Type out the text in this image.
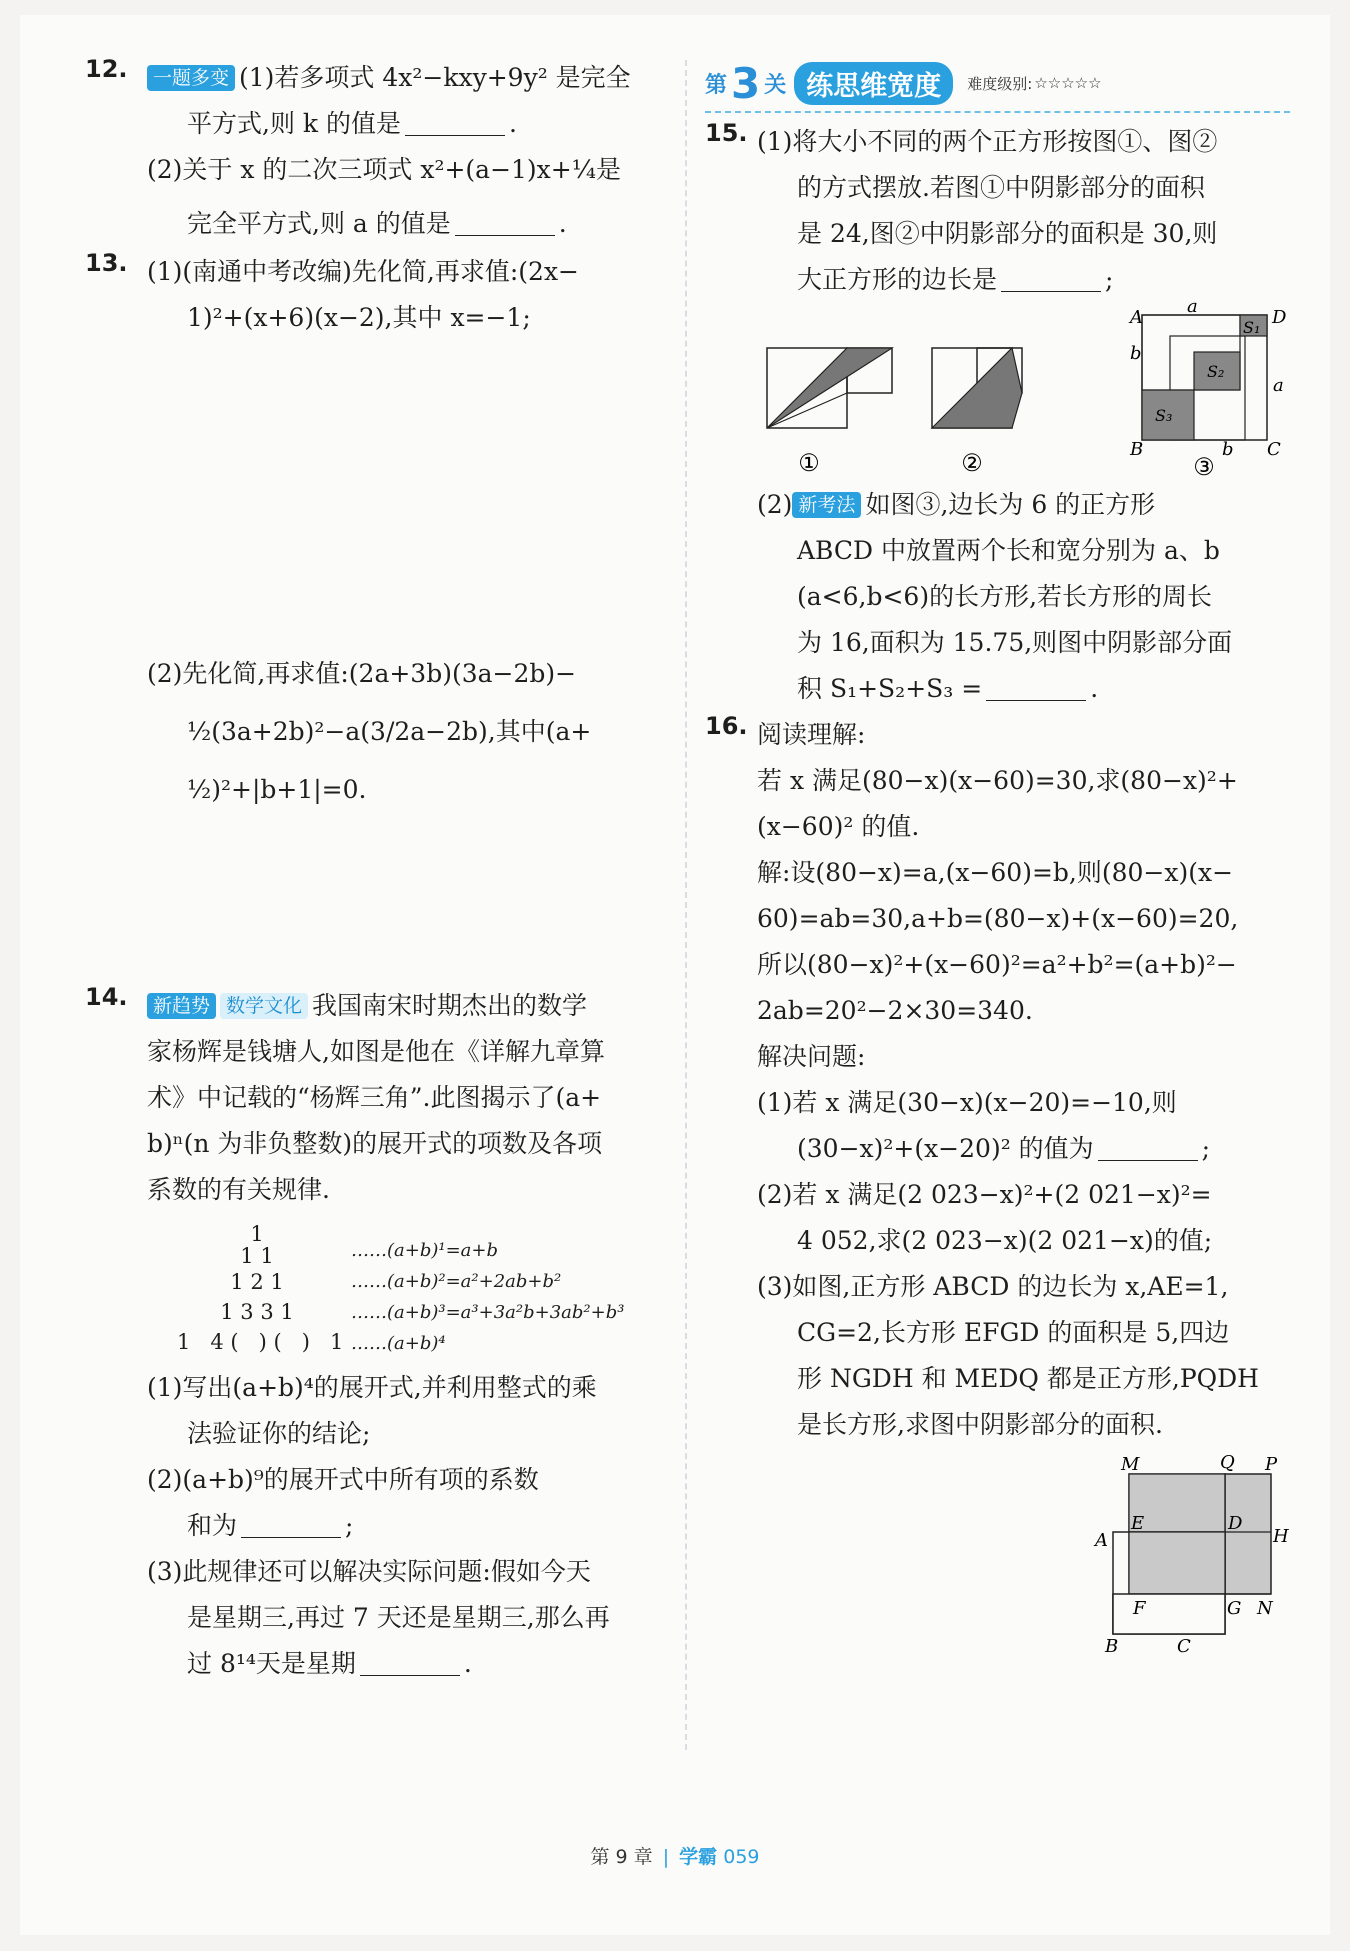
12.	一题多变 (1)若多项式 4x²−kxy+9y² 是完全

平方式,则 k 的值是	.

(2)关于 x 的二次三项式 x²+(a−1)x+¼是

完全平方式,则 a 的值是	.

13. (1)(南通中考改编)先化简,再求值:(2x−

1)²+(x+6)(x−2),其中 x=−1;

(2)先化简,再求值:(2a+3b)(3a−2b)−

½(3a+2b)²−a(3/2a−2b),其中(a+

½)²+|b+1|=0.

14.	新趋势 数学文化 我国南宋时期杰出的数学

家杨辉是钱塘人,如图是他在《详解九章算

术》中记载的“杨辉三角”.此图揭示了(a+

b)ⁿ(n 为非负整数)的展开式的项数及各项

系数的有关规律.

1
1 1
1 2 1
1 3 3 1
1   4 (   ) (   )   1
……(a+b)¹=a+b
……(a+b)²=a²+2ab+b²
……(a+b)³=a³+3a²b+3ab²+b³
……(a+b)⁴

(1)写出(a+b)⁴的展开式,并利用整式的乘

法验证你的结论;

(2)(a+b)⁹的展开式中所有项的系数

和为	;

(3)此规律还可以解决实际问题:假如今天

是星期三,再过 7 天还是星期三,那么再

过 8¹⁴天是星期	.

第 3 关 练思维宽度	难度级别: ☆☆☆☆☆
15. (1)将大小不同的两个正方形按图①、图②

的方式摆放.若图①中阴影部分的面积

是 24,图②中阴影部分的面积是 30,则

大正方形的边长是	;

①	②
A	D
B	C
a
b
a
b
S₁
S₂
S₃
③

(2) 新考法 如图③,边长为 6 的正方形

ABCD 中放置两个长和宽分别为 a、b

(a<6,b<6)的长方形,若长方形的周长

为 16,面积为 15.75,则图中阴影部分面

积 S₁+S₂+S₃ =	.

16. 阅读理解:

若 x 满足(80−x)(x−60)=30,求(80−x)²+

(x−60)² 的值.

解:设(80−x)=a,(x−60)=b,则(80−x)(x−

60)=ab=30,a+b=(80−x)+(x−60)=20,

所以(80−x)²+(x−60)²=a²+b²=(a+b)²−

2ab=20²−2×30=340.

解决问题:

(1)若 x 满足(30−x)(x−20)=−10,则

(30−x)²+(x−20)² 的值为	;

(2)若 x 满足(2 023−x)²+(2 021−x)²=

4 052,求(2 023−x)(2 021−x)的值;

(3)如图,正方形 ABCD 的边长为 x,AE=1,

CG=2,长方形 EFGD 的面积是 5,四边

形 NGDH 和 MEDQ 都是正方形,PQDH

是长方形,求图中阴影部分的面积.

M	Q P
E
A
D
H
F	G N
B	C
第 9 章 | 学霸 059
